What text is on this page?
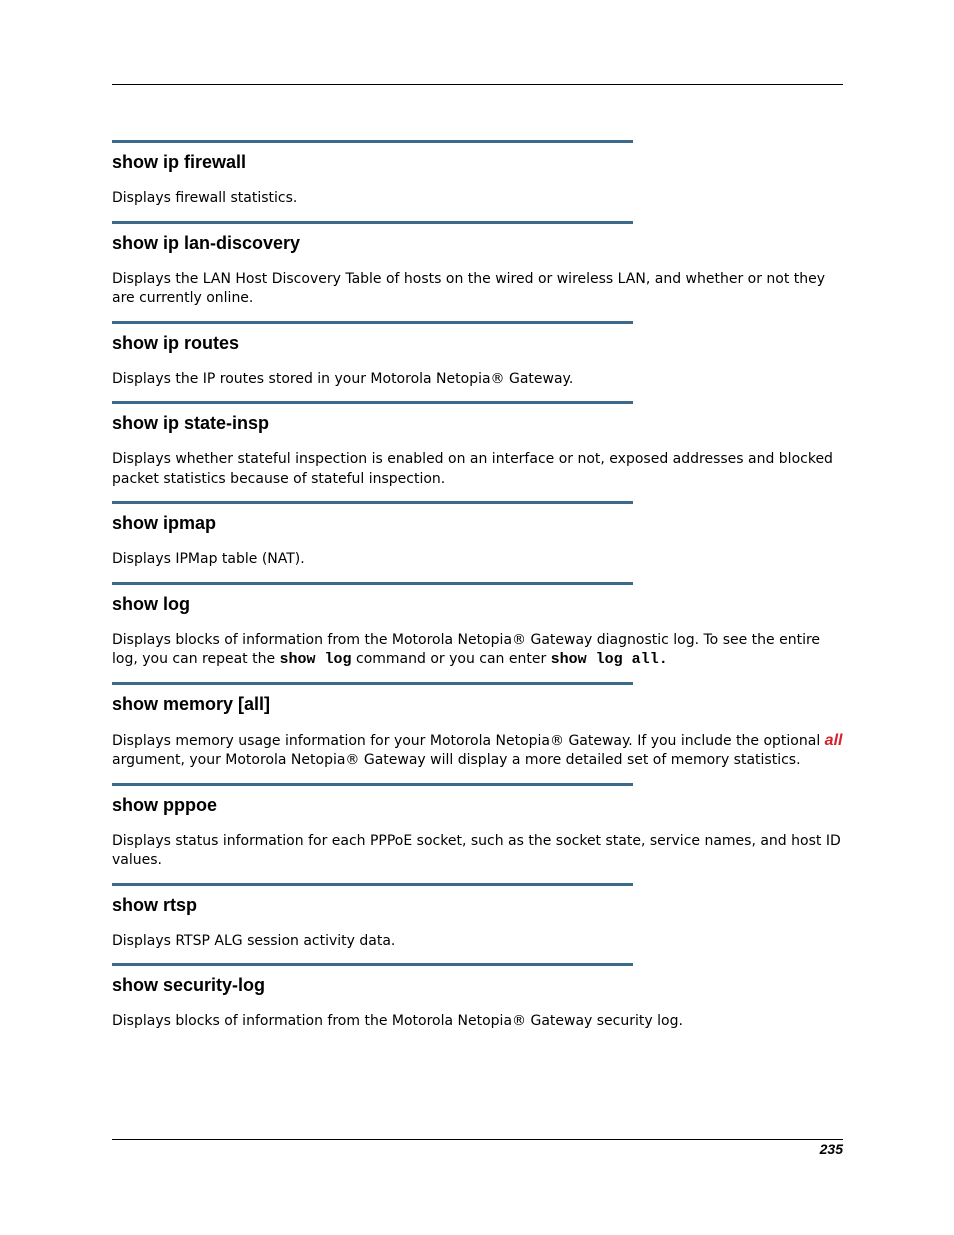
show ip firewall

Displays firewall statistics.

show ip lan-discovery

Displays the LAN Host Discovery Table of hosts on the wired or wireless LAN, and whether or not they are currently online.

show ip routes

Displays the IP routes stored in your Motorola Netopia® Gateway.

show ip state-insp

Displays whether stateful inspection is enabled on an interface or not, exposed addresses and blocked packet statistics because of stateful inspection.

show ipmap

Displays IPMap table (NAT).

show log

Displays blocks of information from the Motorola Netopia® Gateway diagnostic log. To see the entire log, you can repeat the show log command or you can enter show log all.

show memory [all]

Displays memory usage information for your Motorola Netopia® Gateway. If you include the optional all argument, your Motorola Netopia® Gateway will display a more detailed set of memory statistics.

show pppoe

Displays status information for each PPPoE socket, such as the socket state, service names, and host ID values.

show rtsp

Displays RTSP ALG session activity data.

show security-log

Displays blocks of information from the Motorola Netopia® Gateway security log.

235
